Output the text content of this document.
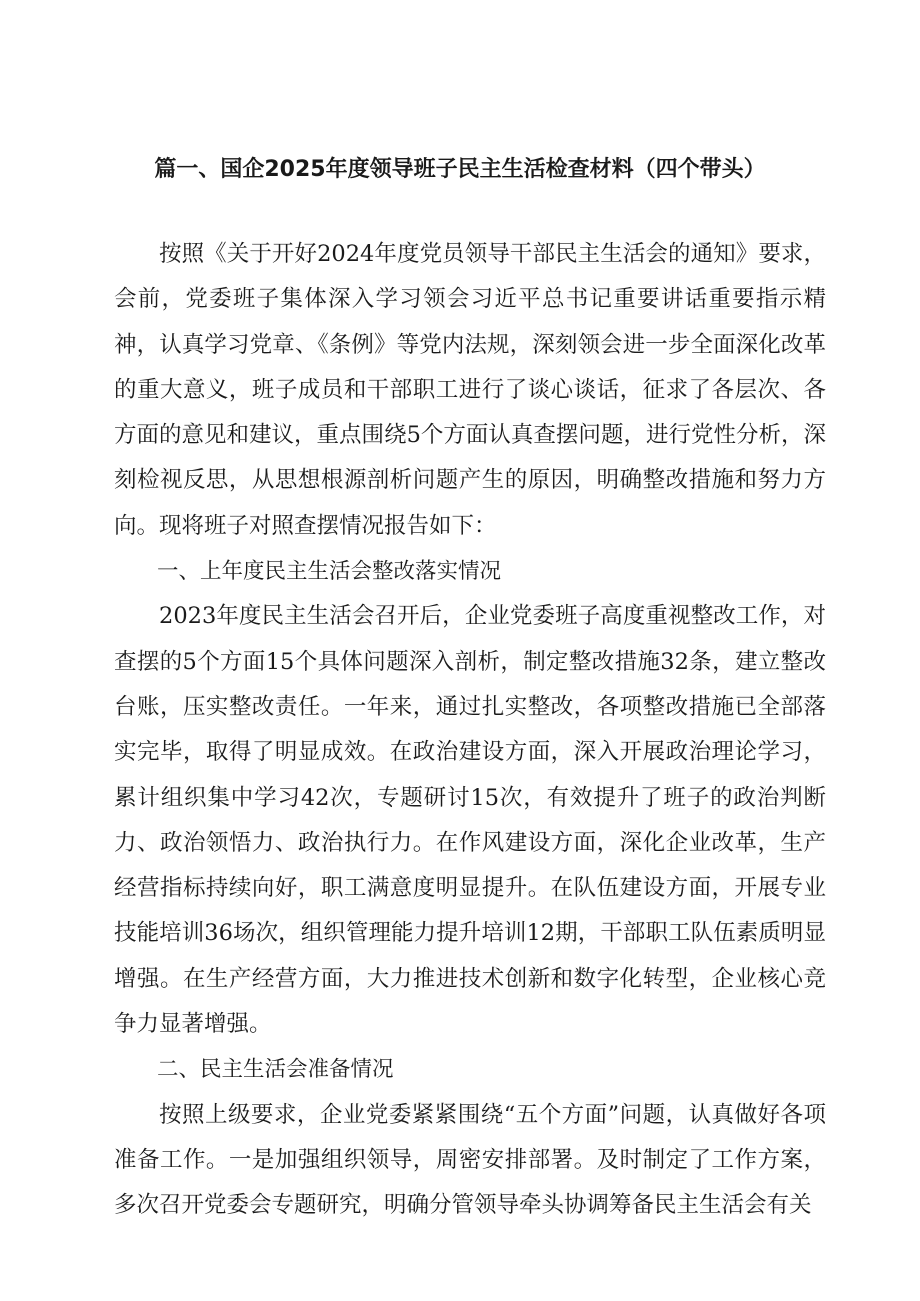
篇一、国企2025年度领导班子民主生活检查材料（四个带头）

按照《关于开好2024年度党员领导干部民主生活会的通知》要求，会前，党委班子集体深入学习领会习近平总书记重要讲话重要指示精神，认真学习党章、《条例》等党内法规，深刻领会进一步全面深化改革的重大意义，班子成员和干部职工进行了谈心谈话，征求了各层次、各方面的意见和建议，重点围绕5个方面认真查摆问题，进行党性分析，深刻检视反思，从思想根源剖析问题产生的原因，明确整改措施和努力方向。现将班子对照查摆情况报告如下：

一、上年度民主生活会整改落实情况

2023年度民主生活会召开后，企业党委班子高度重视整改工作，对查摆的5个方面15个具体问题深入剖析，制定整改措施32条，建立整改台账，压实整改责任。一年来，通过扎实整改，各项整改措施已全部落实完毕，取得了明显成效。在政治建设方面，深入开展政治理论学习，累计组织集中学习42次，专题研讨15次，有效提升了班子的政治判断力、政治领悟力、政治执行力。在作风建设方面，深化企业改革，生产经营指标持续向好，职工满意度明显提升。在队伍建设方面，开展专业技能培训36场次，组织管理能力提升培训12期，干部职工队伍素质明显增强。在生产经营方面，大力推进技术创新和数字化转型，企业核心竞争力显著增强。

二、民主生活会准备情况

按照上级要求，企业党委紧紧围绕“五个方面”问题，认真做好各项准备工作。一是加强组织领导，周密安排部署。及时制定了工作方案，多次召开党委会专题研究，明确分管领导牵头协调筹备民主生活会有关
